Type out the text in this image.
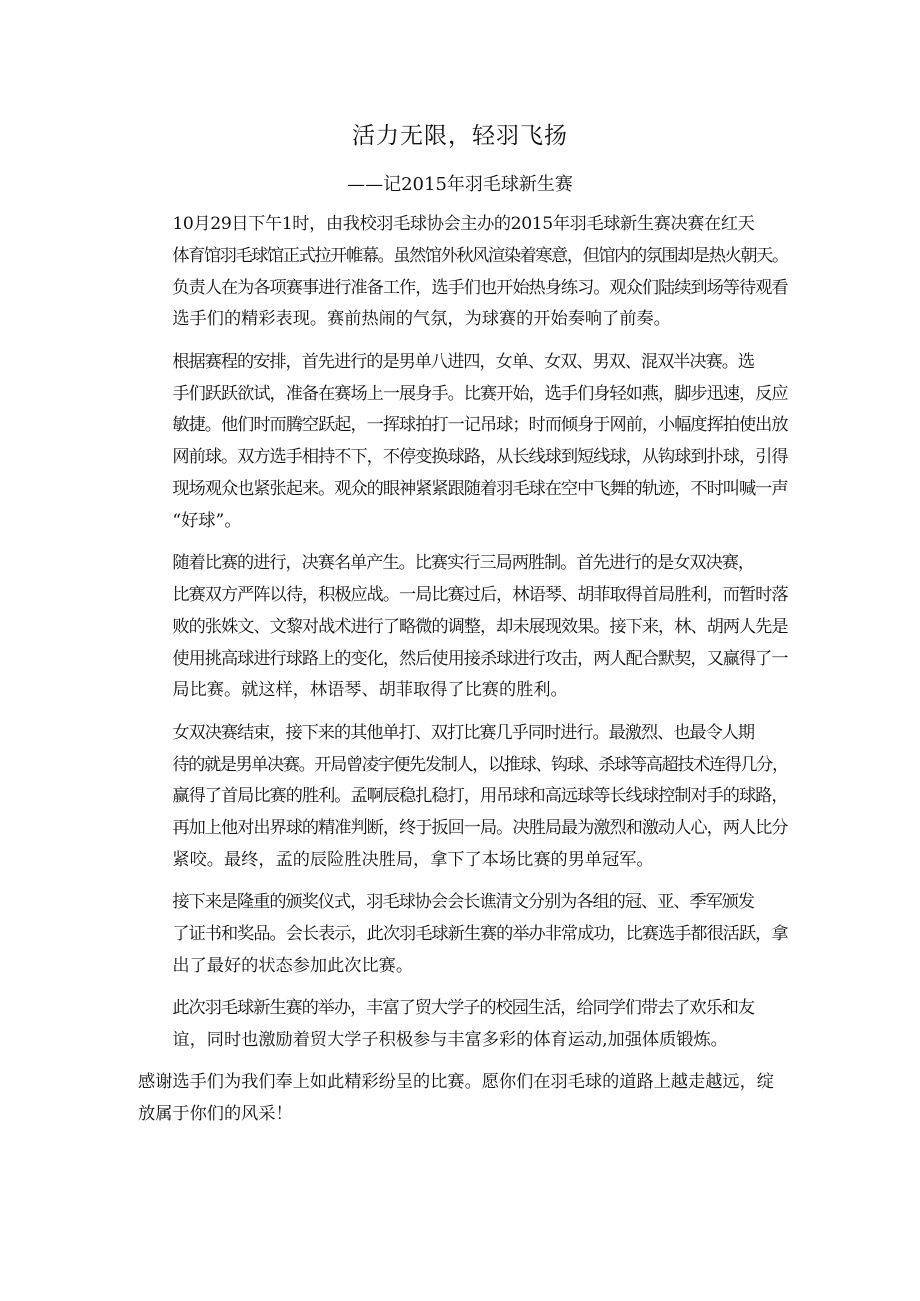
活力无限，轻羽飞扬
——记2015年羽毛球新生赛
10月29日下午1时，由我校羽毛球协会主办的2015年羽毛球新生赛决赛在红天
体育馆羽毛球馆正式拉开帷幕。虽然馆外秋风渲染着寒意，但馆内的氛围却是热火朝天。
负责人在为各项赛事进行准备工作，选手们也开始热身练习。观众们陆续到场等待观看
选手们的精彩表现。赛前热闹的气氛，为球赛的开始奏响了前奏。
根据赛程的安排，首先进行的是男单八进四，女单、女双、男双、混双半决赛。选
手们跃跃欲试，准备在赛场上一展身手。比赛开始，选手们身轻如燕，脚步迅速，反应
敏捷。他们时而腾空跃起，一挥球拍打一记吊球；时而倾身于网前，小幅度挥拍使出放
网前球。双方选手相持不下，不停变换球路，从长线球到短线球，从钩球到扑球，引得
现场观众也紧张起来。观众的眼神紧紧跟随着羽毛球在空中飞舞的轨迹，不时叫喊一声
“好球”。
随着比赛的进行，决赛名单产生。比赛实行三局两胜制。首先进行的是女双决赛，
比赛双方严阵以待，积极应战。一局比赛过后，林语琴、胡菲取得首局胜利，而暂时落
败的张姝文、文黎对战术进行了略微的调整，却未展现效果。接下来，林、胡两人先是
使用挑高球进行球路上的变化，然后使用接杀球进行攻击，两人配合默契，又赢得了一
局比赛。就这样，林语琴、胡菲取得了比赛的胜利。
女双决赛结束，接下来的其他单打、双打比赛几乎同时进行。最激烈、也最令人期
待的就是男单决赛。开局曾凌宇便先发制人，以推球、钩球、杀球等高超技术连得几分，
赢得了首局比赛的胜利。孟啊辰稳扎稳打，用吊球和高远球等长线球控制对手的球路，
再加上他对出界球的精准判断，终于扳回一局。决胜局最为激烈和激动人心，两人比分
紧咬。最终，孟的辰险胜决胜局，拿下了本场比赛的男单冠军。
接下来是隆重的颁奖仪式，羽毛球协会会长谯清文分别为各组的冠、亚、季军颁发
了证书和奖品。会长表示，此次羽毛球新生赛的举办非常成功，比赛选手都很活跃，拿
出了最好的状态参加此次比赛。
此次羽毛球新生赛的举办，丰富了贸大学子的校园生活，给同学们带去了欢乐和友
谊，同时也激励着贸大学子积极参与丰富多彩的体育运动,加强体质锻炼。
感谢选手们为我们奉上如此精彩纷呈的比赛。愿你们在羽毛球的道路上越走越远，绽
放属于你们的风采！
